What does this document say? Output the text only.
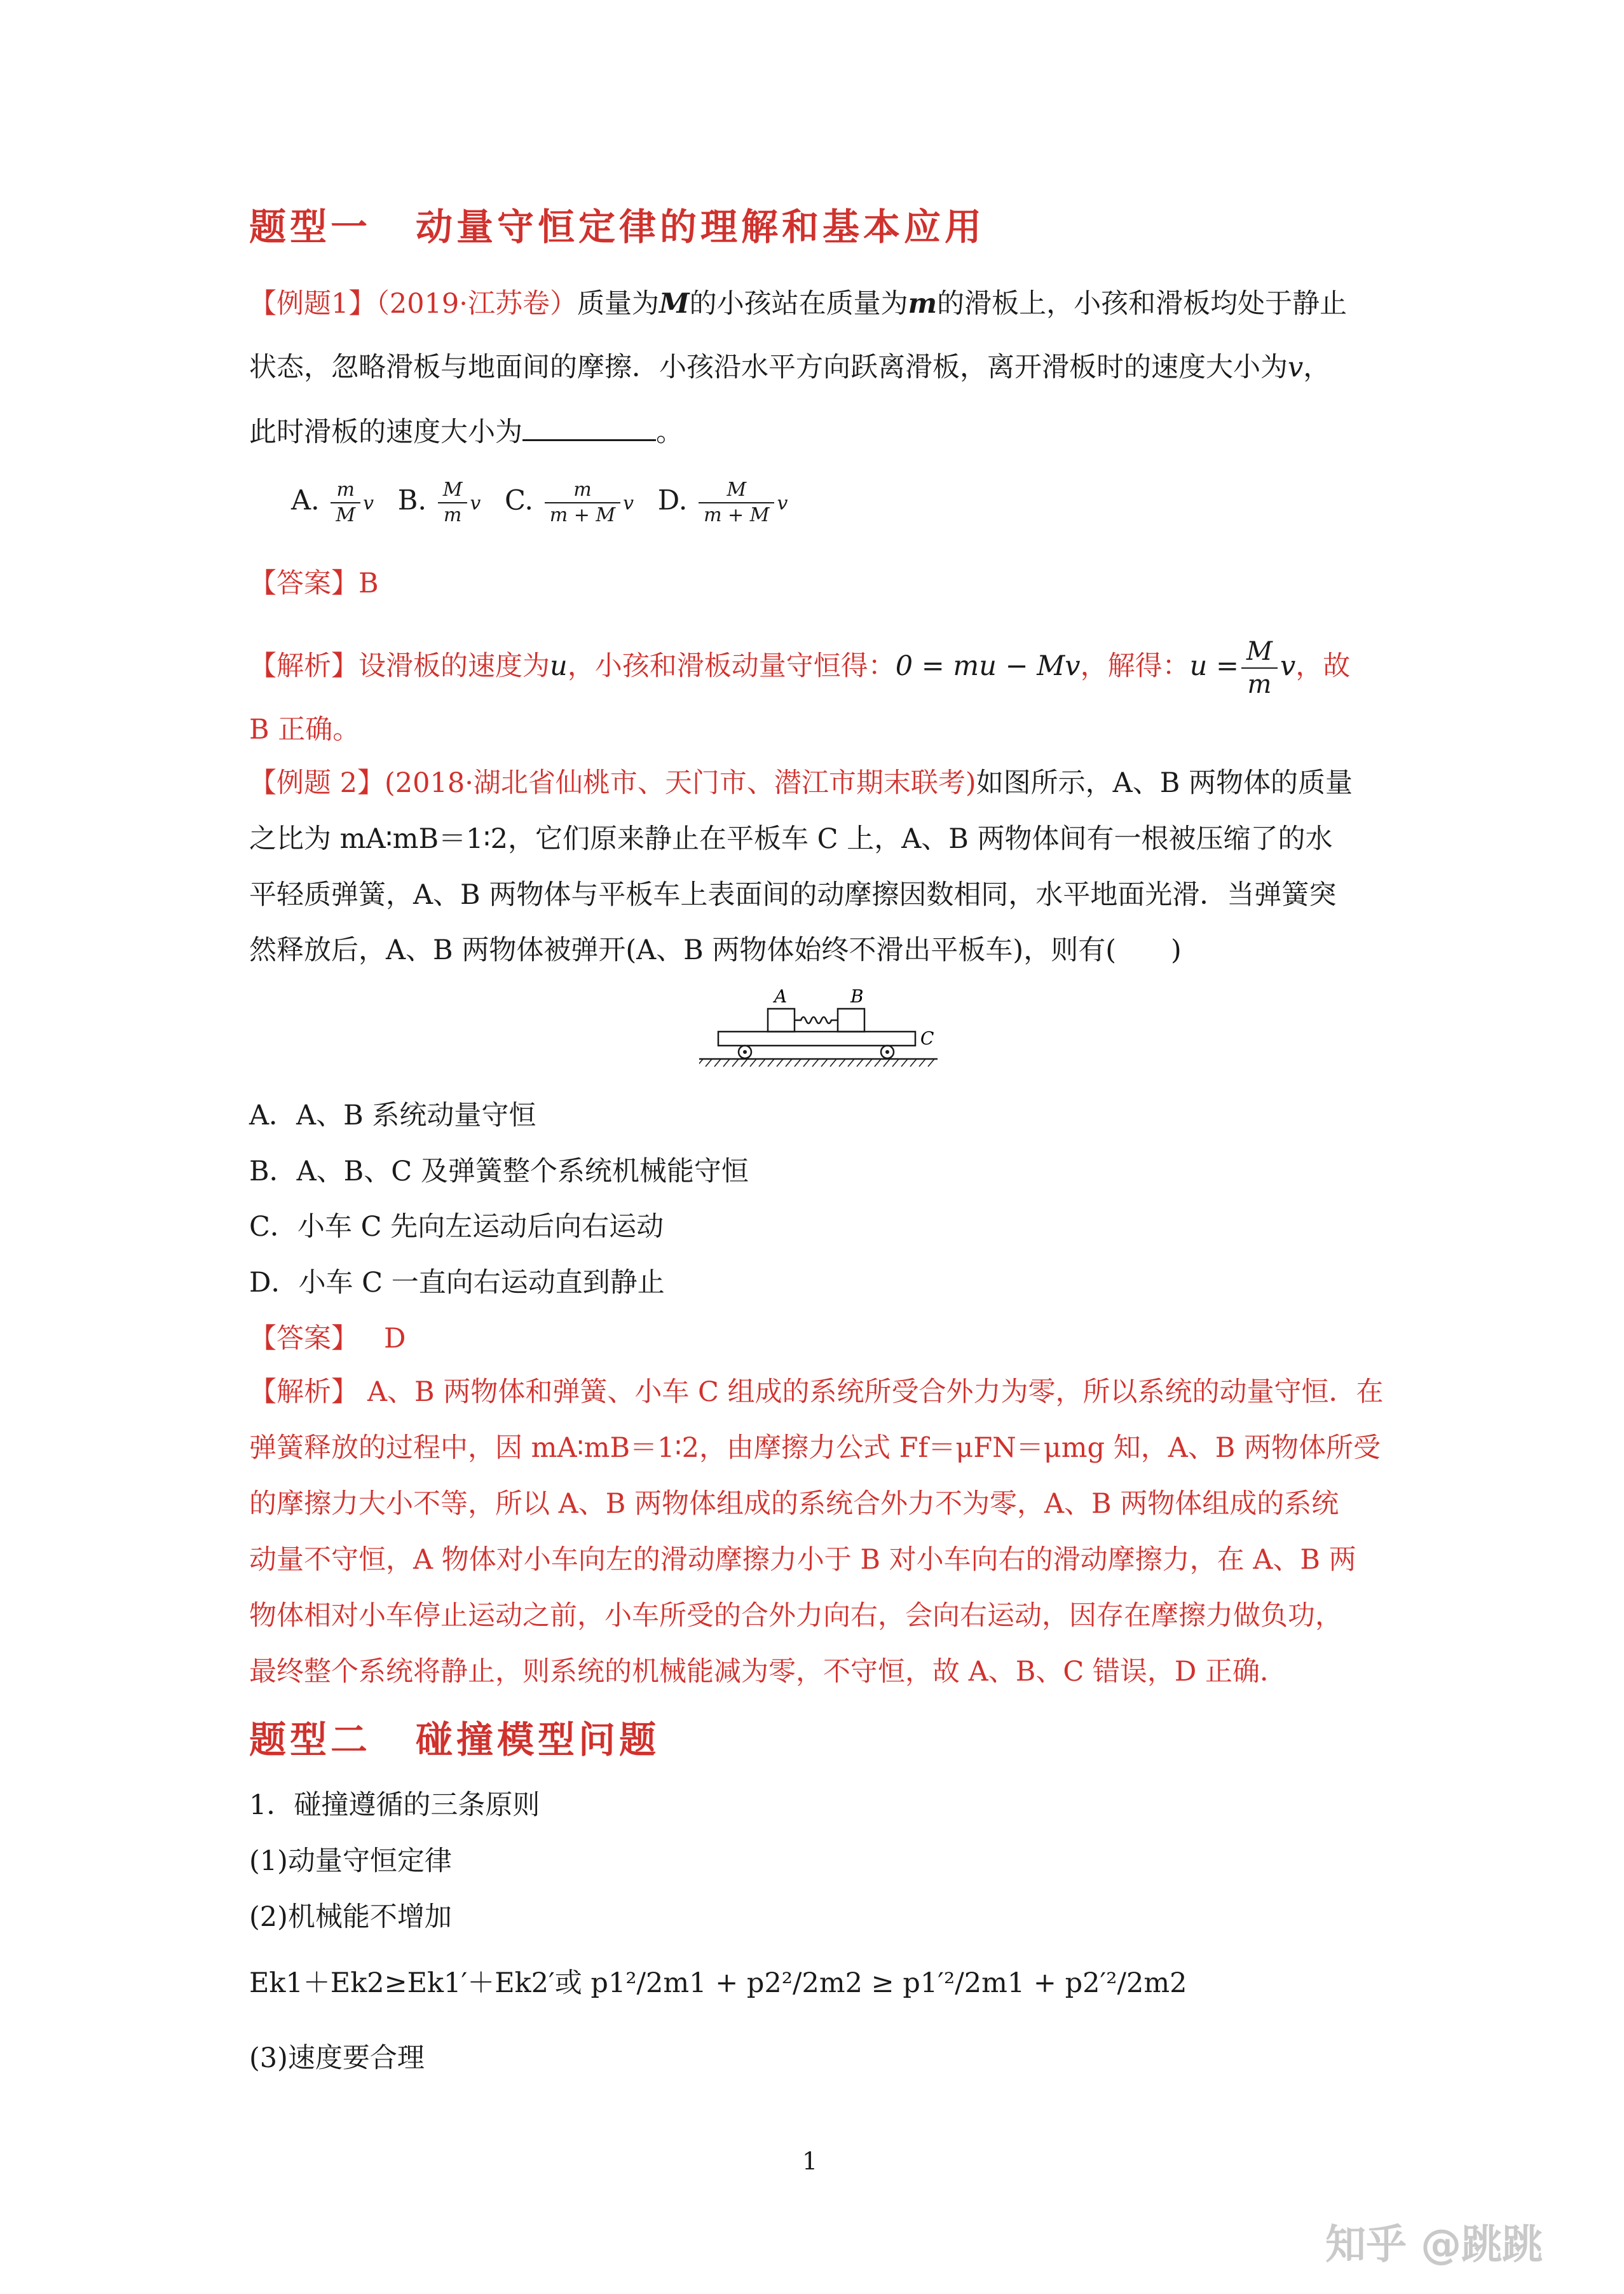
题型一 动量守恒定律的理解和基本应用
【例题1】（2019·江苏卷）质量为M的小孩站在质量为m的滑板上，小孩和滑板均处于静止
状态，忽略滑板与地面间的摩擦．小孩沿水平方向跃离滑板，离开滑板时的速度大小为v，
此时滑板的速度大小为	。
A. $\frac{m}{M}$ v B. $\frac{M}{m}$ v C. $\frac{m}{m + M}$ v D. $\frac{M}{m + M}$ v
【答案】B
【解析】设滑板的速度为u，小孩和滑板动量守恒得：0 = mu − Mv，解得：$u = \frac{M}{m}$ v，故
B 正确。
【例题 2】(2018·湖北省仙桃市、天门市、潜江市期末联考)如图所示，A、B 两物体的质量
之比为 mA∶mB＝1∶2，它们原来静止在平板车 C 上，A、B 两物体间有一根被压缩了的水
平轻质弹簧，A、B 两物体与平板车上表面间的动摩擦因数相同，水平地面光滑．当弹簧突
然释放后，A、B 两物体被弹开(A、B 两物体始终不滑出平板车)，则有(　　)
A	B
C
A．A、B 系统动量守恒
B．A、B、C 及弹簧整个系统机械能守恒
C．小车 C 先向左运动后向右运动
D．小车 C 一直向右运动直到静止
【答案】 D
【解析】 A、B 两物体和弹簧、小车 C 组成的系统所受合外力为零，所以系统的动量守恒．在
弹簧释放的过程中，因 mA∶mB＝1∶2，由摩擦力公式 Ff＝μFN＝μmg 知，A、B 两物体所受
的摩擦力大小不等，所以 A、B 两物体组成的系统合外力不为零，A、B 两物体组成的系统
动量不守恒，A 物体对小车向左的滑动摩擦力小于 B 对小车向右的滑动摩擦力，在 A、B 两
物体相对小车停止运动之前，小车所受的合外力向右，会向右运动，因存在摩擦力做负功，
最终整个系统将静止，则系统的机械能减为零，不守恒，故 A、B、C 错误，D 正确．
题型二 碰撞模型问题
1．碰撞遵循的三条原则
(1)动量守恒定律
(2)机械能不增加
Ek1＋Ek2≥Ek1′＋Ek2′或 p1²/2m1 + p2²/2m2 ≥ p1′²/2m1 + p2′²/2m2
(3)速度要合理
1
知乎 @跳跳
